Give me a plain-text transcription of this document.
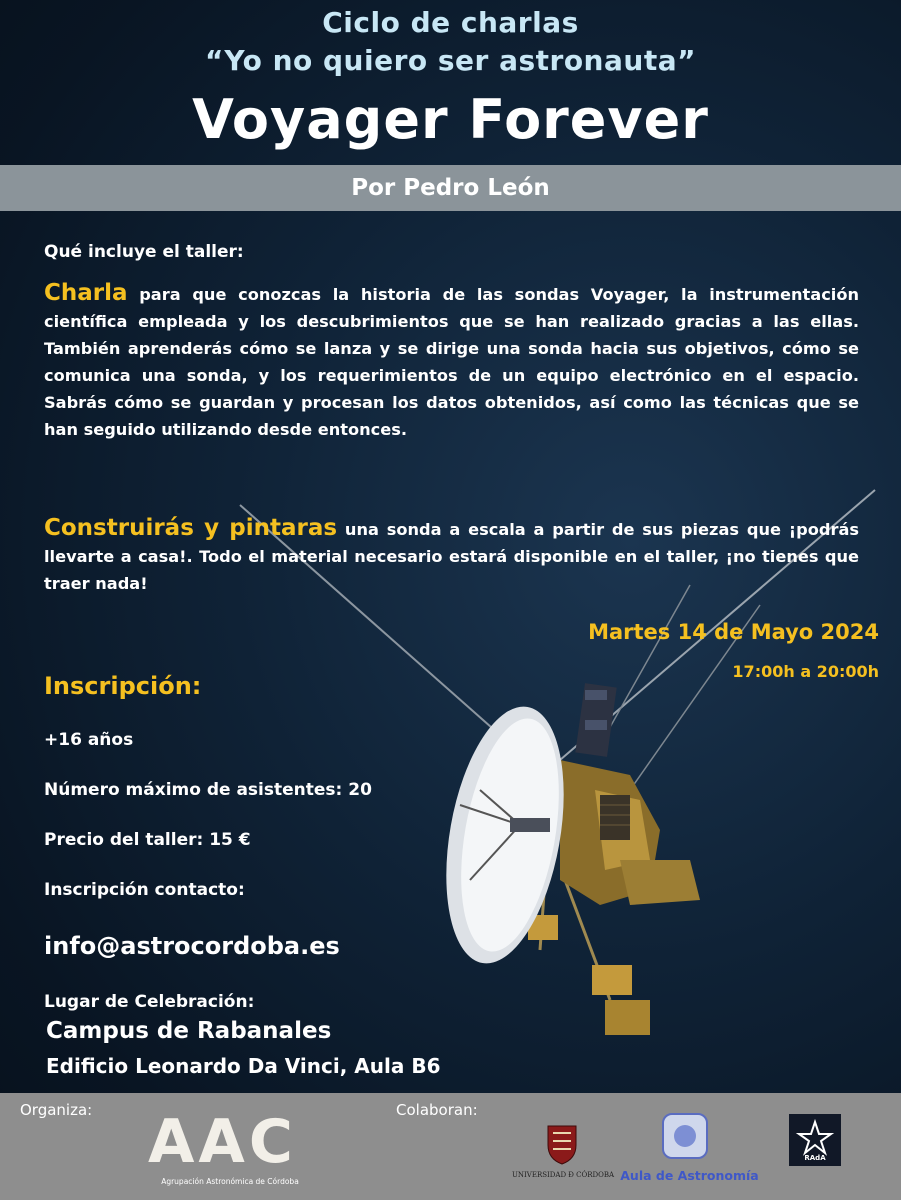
Ciclo de charlas
“Yo no quiero ser astronauta”
Voyager Forever
Por Pedro León
Qué incluye el taller:
Charla para que conozcas la historia de las sondas Voyager, la instrumentación científica empleada y los descubrimientos que se han realizado gracias a las ellas. También aprenderás cómo se lanza y se dirige una sonda hacia sus objetivos, cómo se comunica una sonda, y los requerimientos de un equipo electrónico en el espacio. Sabrás cómo se guardan y procesan los datos obtenidos, así como las técnicas que se han seguido utilizando desde entonces.
Construirás y pintaras una sonda a escala a partir de sus piezas que ¡podrás llevarte a casa!. Todo el material necesario estará disponible en el taller, ¡no tienes que traer nada!
Martes 14 de Mayo 2024
17:00h a 20:00h
Inscripción:
+16 años
Número máximo de asistentes: 20
Precio del taller: 15 €
Inscripción contacto:
info@astrocordoba.es
Lugar de Celebración:
Campus de Rabanales
Edificio Leonardo Da Vinci, Aula B6
Organiza:	Colaboran:
AAC
Agrupación Astronómica de Córdoba
UNIVERSIDAD Ð CÓRDOBA Aula de Astronomía
RAdA
